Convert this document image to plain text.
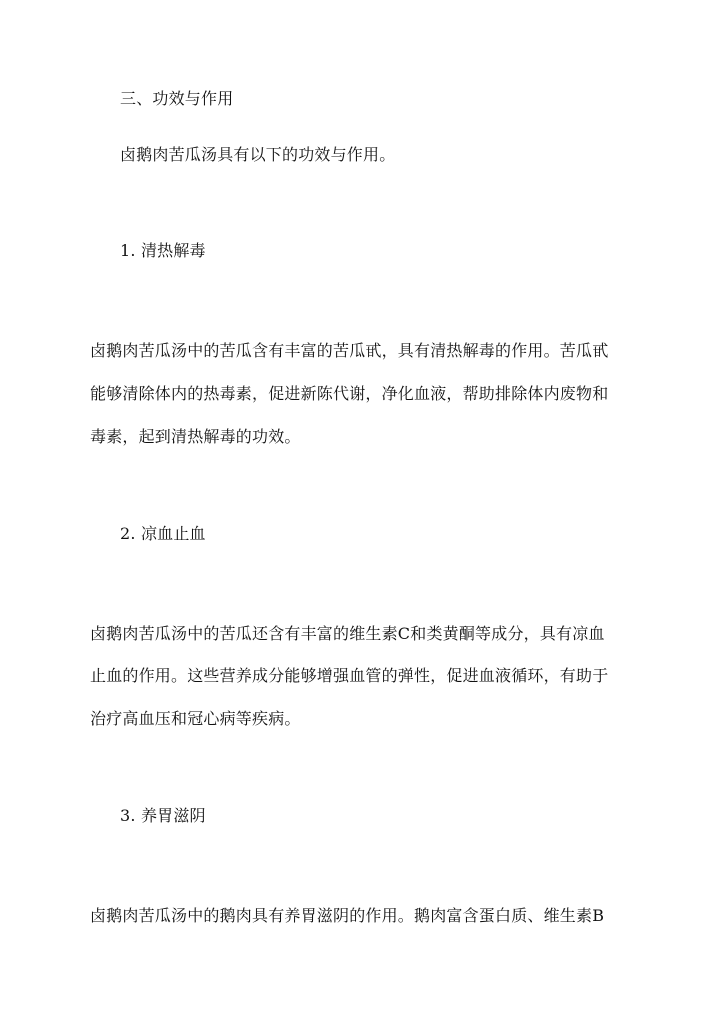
三、功效与作用
卤鹅肉苦瓜汤具有以下的功效与作用。
1. 清热解毒
卤鹅肉苦瓜汤中的苦瓜含有丰富的苦瓜甙，具有清热解毒的作用。苦瓜甙
能够清除体内的热毒素，促进新陈代谢，净化血液，帮助排除体内废物和
毒素，起到清热解毒的功效。
2. 凉血止血
卤鹅肉苦瓜汤中的苦瓜还含有丰富的维生素C和类黄酮等成分，具有凉血
止血的作用。这些营养成分能够增强血管的弹性，促进血液循环，有助于
治疗高血压和冠心病等疾病。
3. 养胃滋阴
卤鹅肉苦瓜汤中的鹅肉具有养胃滋阴的作用。鹅肉富含蛋白质、维生素B
